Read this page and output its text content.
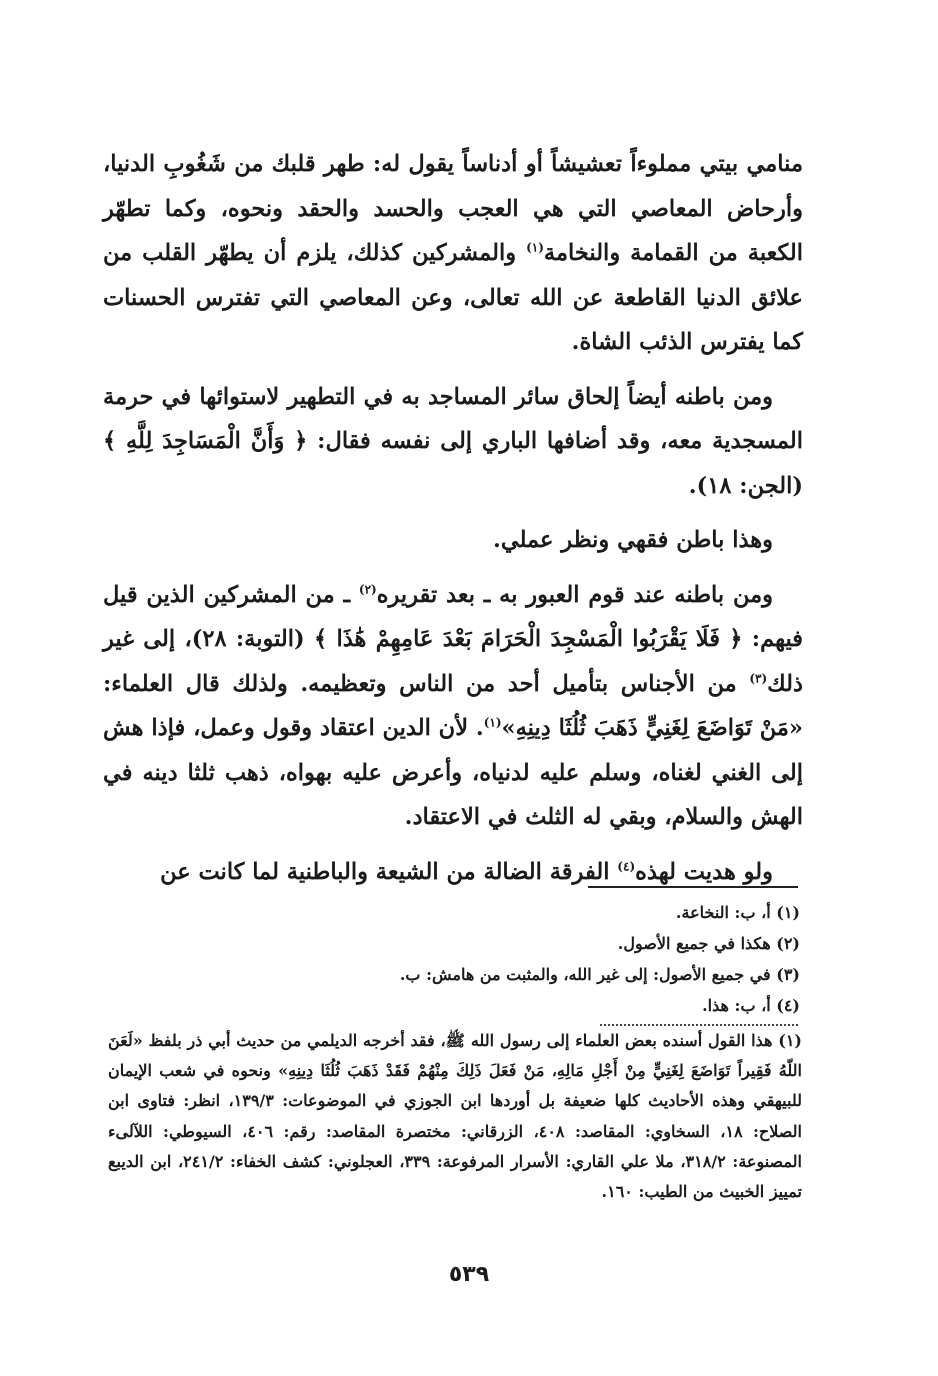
منامي بيتي مملوءاً تعشيشاً أو أدناساً يقول له: طهر قلبك من شَغُوبِ الدنيا، وأرحاض المعاصي التي هي العجب والحسد والحقد ونحوه، وكما تطهّر الكعبة من القمامة والنخامة$^{(١)}$ والمشركين كذلك، يلزم أن يطهّر القلب من علائق الدنيا القاطعة عن الله تعالى، وعن المعاصي التي تفترس الحسنات كما يفترس الذئب الشاة.

ومن باطنه أيضاً إلحاق سائر المساجد به في التطهير لاستوائها في حرمة المسجدية معه، وقد أضافها الباري إلى نفسه فقال: ﴿ وَأَنَّ الْمَسَاجِدَ لِلَّهِ ﴾ (الجن: ١٨).

وهذا باطن فقهي ونظر عملي.

ومن باطنه عند قوم العبور به ـ بعد تقريره$^{(٢)}$ ـ من المشركين الذين قيل فيهم: ﴿ فَلَا يَقْرَبُوا الْمَسْجِدَ الْحَرَامَ بَعْدَ عَامِهِمْ هَٰذَا ﴾ (التوبة: ٢٨)، إلى غير ذلك$^{(٣)}$ من الأجناس بتأميل أحد من الناس وتعظيمه. ولذلك قال العلماء: «مَنْ تَوَاضَعَ لِغَنِيٍّ ذَهَبَ ثُلُثَا دِينِهِ»$^{(١)}$. لأن الدين اعتقاد وقول وعمل، فإذا هش إلى الغني لغناه، وسلم عليه لدنياه، وأعرض عليه بهواه، ذهب ثلثا دينه في الهش والسلام، وبقي له الثلث في الاعتقاد.

ولو هديت لهذه$^{(٤)}$ الفرقة الضالة من الشيعة والباطنية لما كانت عن

(١) أ، ب: النخاعة.

(٢) هكذا في جميع الأصول.

(٣) في جميع الأصول: إلى غير الله، والمثبت من هامش: ب.

(٤) أ، ب: هذا.

(١) هذا القول أسنده بعض العلماء إلى رسول الله ﷺ، فقد أخرجه الديلمي من حديث أبي ذر بلفظ «لَعَنَ اللّهُ فَقِيراً تَوَاضَعَ لِغَنِيٍّ مِنْ أَجْلِ مَالِهِ، مَنْ فَعَلَ ذَلِكَ مِنْهُمْ فَقَدْ ذَهَبَ ثُلُثَا دِينِهِ» ونحوه في شعب الإيمان للبيهقي وهذه الأحاديث كلها ضعيفة بل أوردها ابن الجوزي في الموضوعات: ١٣٩/٣، انظر: فتاوى ابن الصلاح: ١٨، السخاوي: المقاصد: ٤٠٨، الزرقاني: مختصرة المقاصد: رقم: ٤٠٦، السيوطي: اللآلىء المصنوعة: ٣١٨/٢، ملا علي القاري: الأسرار المرفوعة: ٣٣٩، العجلوني: كشف الخفاء: ٢٤١/٢، ابن الديبع تمييز الخبيث من الطيب: ١٦٠.

٥٣٩
